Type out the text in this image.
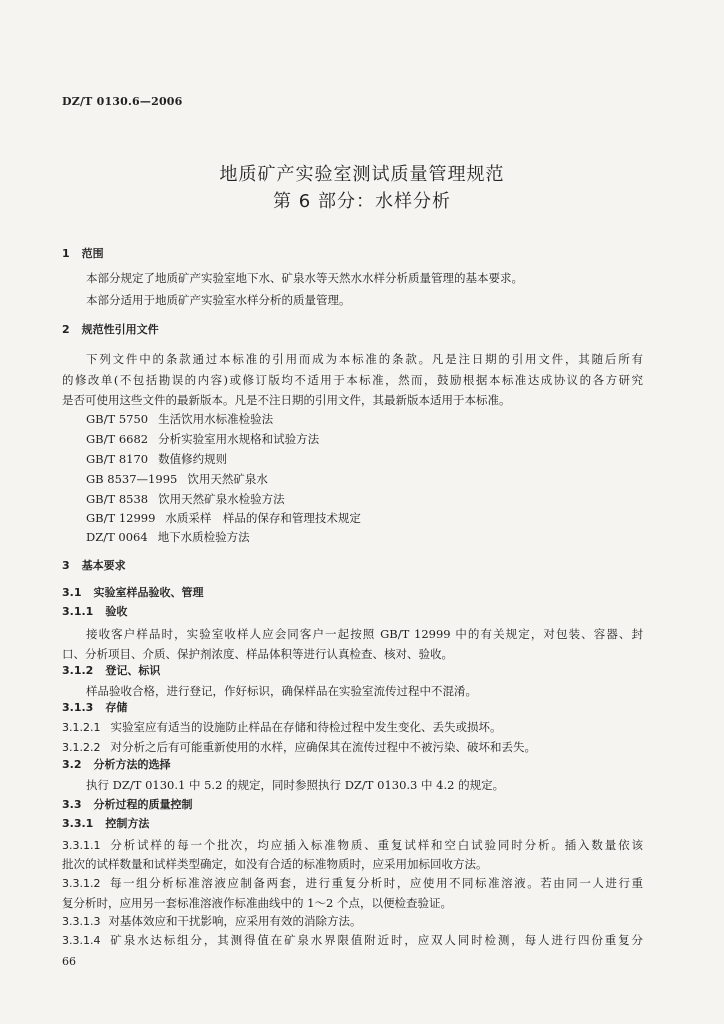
DZ/T 0130.6—2006
地质矿产实验室测试质量管理规范
第 6 部分：水样分析
1 范围
本部分规定了地质矿产实验室地下水、矿泉水等天然水水样分析质量管理的基本要求。
本部分适用于地质矿产实验室水样分析的质量管理。
2 规范性引用文件
下列文件中的条款通过本标准的引用而成为本标准的条款。凡是注日期的引用文件，其随后所有
的修改单(不包括勘误的内容)或修订版均不适用于本标准，然而，鼓励根据本标准达成协议的各方研究
是否可使用这些文件的最新版本。凡是不注日期的引用文件，其最新版本适用于本标准。
GB/T 5750 生活饮用水标准检验法
GB/T 6682 分析实验室用水规格和试验方法
GB/T 8170 数值修约规则
GB 8537—1995 饮用天然矿泉水
GB/T 8538 饮用天然矿泉水检验方法
GB/T 12999 水质采样　样品的保存和管理技术规定
DZ/T 0064 地下水质检验方法
3 基本要求
3.1 实验室样品验收、管理
3.1.1 验收
接收客户样品时，实验室收样人应会同客户一起按照 GB/T 12999 中的有关规定，对包装、容器、封
口、分析项目、介质、保护剂浓度、样品体积等进行认真检查、核对、验收。
3.1.2 登记、标识
样品验收合格，进行登记，作好标识，确保样品在实验室流传过程中不混淆。
3.1.3 存储
3.1.2.1 实验室应有适当的设施防止样品在存储和待检过程中发生变化、丢失或损坏。
3.1.2.2 对分析之后有可能重新使用的水样，应确保其在流传过程中不被污染、破坏和丢失。
3.2 分析方法的选择
执行 DZ/T 0130.1 中 5.2 的规定，同时参照执行 DZ/T 0130.3 中 4.2 的规定。
3.3 分析过程的质量控制
3.3.1 控制方法
3.3.1.1 分析试样的每一个批次，均应插入标准物质、重复试样和空白试验同时分析。插入数量依该
批次的试样数量和试样类型确定，如没有合适的标准物质时，应采用加标回收方法。
3.3.1.2 每一组分析标准溶液应制备两套，进行重复分析时，应使用不同标准溶液。若由同一人进行重
复分析时，应用另一套标准溶液作标准曲线中的 1～2 个点，以便检查验证。
3.3.1.3 对基体效应和干扰影响，应采用有效的消除方法。
3.3.1.4 矿泉水达标组分，其测得值在矿泉水界限值附近时，应双人同时检测，每人进行四份重复分
66
